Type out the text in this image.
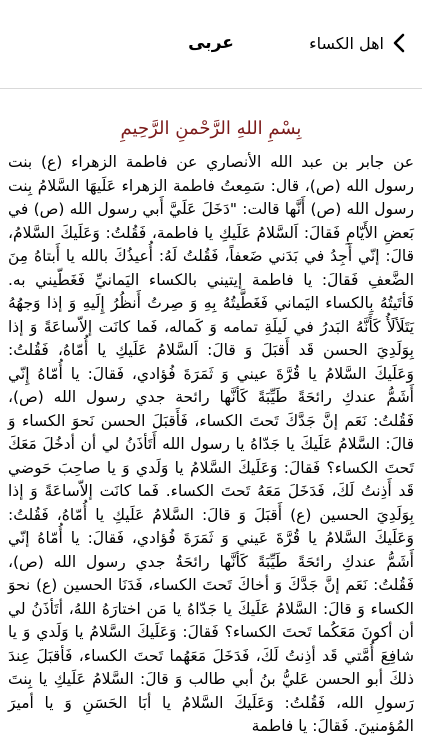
اهل الكساء
عربى
بِسْمِ اللهِ الرَّحْمنِ الرَّحِيمِ

عن جابر بن عبد الله الأنصاري عن فاطمة الزهراء (ع) بنت رسول الله (ص)، قال: سَمِعتُ فاطمة الزهراء عَلَيهَا السَّلامُ بِنت رسول الله (ص) أَنَّها قالت: "دَخَلَ عَلَيَّ أَبي رسول الله (ص) في بَعضِ الأَيّامِ فَقالَ: اَلسَّلامُ عَلَيكِ يا فاطمة، فَقُلتُ: وَعَلَيكَ السَّلامُ، قالَ: إنّي أَجِدُ في بَدَني ضَعفاً، فَقُلتُ لَهُ: أُعيذُكَ بالله يا أَبتاهُ مِنَ الضَّعفِ فَقالَ: يا فاطمة إيتيني بالكساء اليَمانيِّ فَغَطّيني به. فَأتَيتُهُ بِالكساء اليَماني فَغَطَّيتُهُ بِهِ وَ صِرتُ أَنظُرُ إِلَيهِ وَ إذا وَجهُهُ يَتَلَألَأُ كَأَنَّهُ البَدرُ في لَيلَةِ تمامه وَ كَماله، فَما كانَت إلاّساعَةً وَ إذا بِوَلَدِيَ الحسن قَد أَقبَلَ وَ قالَ: اَلسَّلامُ عَلَيكِ يا أُمّاهُ، فَقُلتُ: وَعَلَيكَ السَّلامُ يا قُرَّةَ عيني وَ ثَمَرَةَ فُؤادي، فَقالَ: يا أُمّاهُ إِنّي أَشَمُّ عندكِ رائحَةً طَيِّبَةً كَأنَّها رائحة جدي رسول الله (ص)، فَقُلتُ: نَعَم إنَّ جَدَّكَ تَحتَ الكساء، فَأَقبَلَ الحسن نَحوَ الكساء وَ قالَ: السَّلامُ عَلَيكَ يا جَدّاهُ يا رسول الله أَتَأذَنُ لي أن أدخُلَ مَعَكَ تَحتَ الكساء؟ فَقالَ: وَعَلَيكَ السَّلامُ يا وَلَدي وَ يا صاحِبَ حَوضي قَد أَذِنتُ لَكَ، فَدَخَلَ مَعَهُ تَحتَ الكساء. فَما كانَت إلاّساعَةً وَ إذا بِوَلَدِيَ الحسين (ع) أَقبَلَ وَ قالَ: السَّلامُ عَلَيكِ يا أُمّاهُ، فَقُلتُ: وَعَلَيكَ السَّلامُ يا قُرَّةَ عَيني وَ ثَمَرَةَ فُؤادي، فَقالَ: يا أُمّاهُ إنّي أَشَمُّ عندكِ رائحَةً طَيِّبَةً كَأنَّها رائحَةُ جدي رسول الله (ص)، فَقُلتُ: نَعَم إنَّ جَدَّكَ وَ أخاكَ تَحتَ الكساء، فَدَنَا الحسين (ع) نحوَ الكساء وَ قالَ: السَّلامُ عَلَيكَ يا جَدّاهُ يا مَن اختارَهُ اللهُ، أتَأذَنُ لي أن أكونَ مَعَكُما تَحتَ الكساء؟ فَقالَ: وَعَلَيكَ السَّلامُ يا وَلَدي وَ يا شافِعَ أُمَّتي قَد أذِنتُ لَكَ، فَدَخَلَ مَعَهُما تَحتَ الكساء، فَأقبَلَ عِندَ ذلكَ أبو الحسن عَليُّ بنُ أبي طالب وَ قالَ: السَّلامُ عَلَيكِ يا بِنتَ رَسولِ الله، فَقُلتُ: وَعَلَيكَ السَّلامُ يا أبَا الحَسَنِ وَ يا أميرَ المُؤمنينَ. فَقالَ: يا فاطمة
